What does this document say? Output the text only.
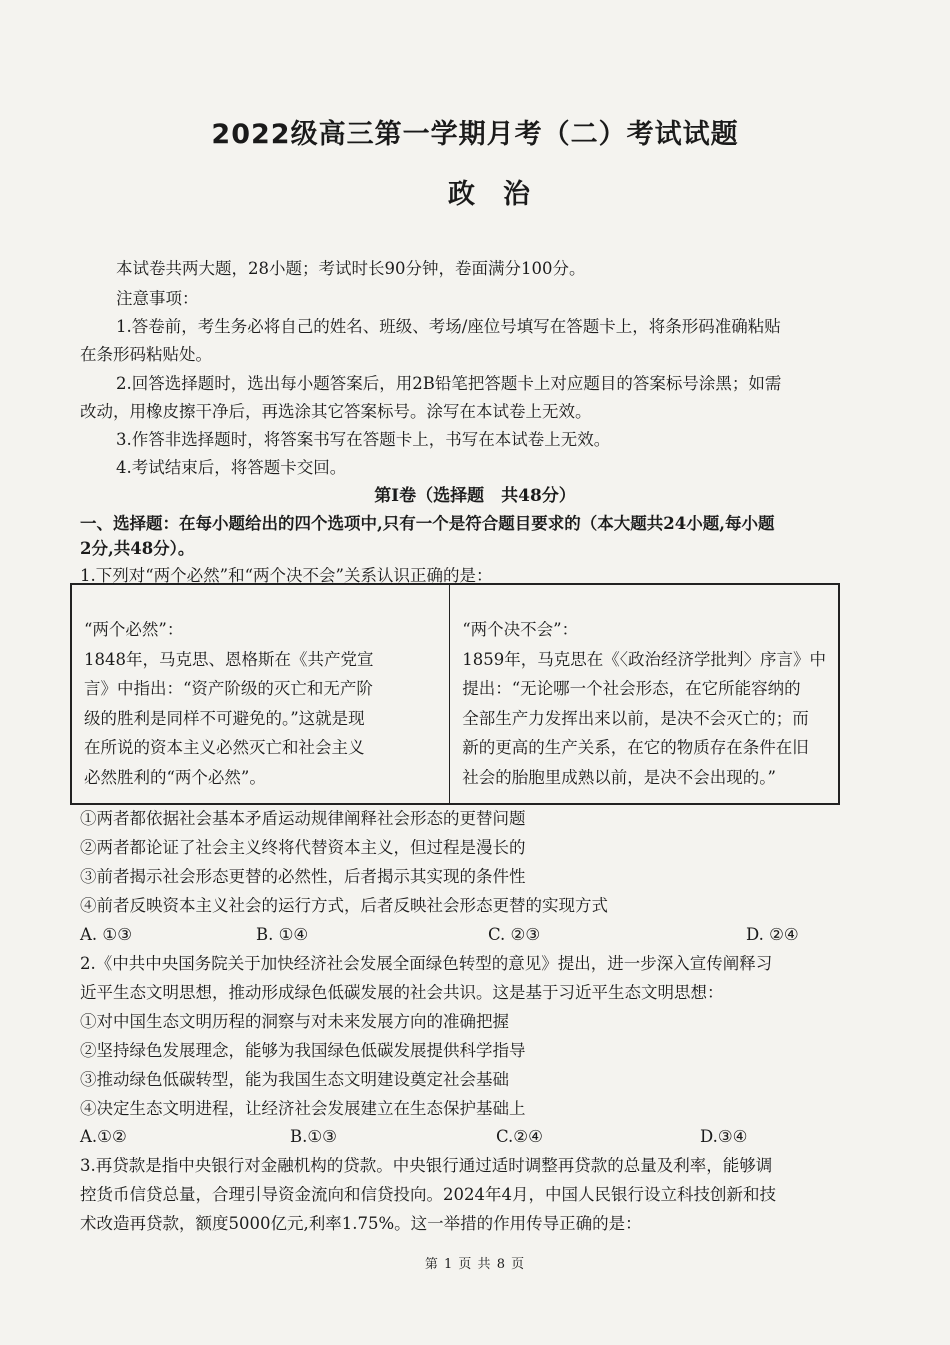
2022级高三第一学期月考（二）考试试题
政治
本试卷共两大题，28小题；考试时长90分钟，卷面满分100分。
注意事项：
1.答卷前，考生务必将自己的姓名、班级、考场/座位号填写在答题卡上，将条形码准确粘贴
在条形码粘贴处。
2.回答选择题时，选出每小题答案后，用2B铅笔把答题卡上对应题目的答案标号涂黑；如需
改动，用橡皮擦干净后，再选涂其它答案标号。涂写在本试卷上无效。
3.作答非选择题时，将答案书写在答题卡上，书写在本试卷上无效。
4.考试结束后，将答题卡交回。
第Ⅰ卷（选择题　共48分）
一、选择题：在每小题给出的四个选项中,只有一个是符合题目要求的（本大题共24小题,每小题
2分,共48分）。
1.下列对“两个必然”和“两个决不会”关系认识正确的是：

“两个必然”：

1848年，马克思、恩格斯在《共产党宣

言》中指出：“资产阶级的灭亡和无产阶

级的胜利是同样不可避免的。”这就是现

在所说的资本主义必然灭亡和社会主义

必然胜利的“两个必然”。

“两个决不会”：

1859年，马克思在《〈政治经济学批判〉序言》中

提出：“无论哪一个社会形态，在它所能容纳的

全部生产力发挥出来以前，是决不会灭亡的；而

新的更高的生产关系，在它的物质存在条件在旧

社会的胎胞里成熟以前，是决不会出现的。”

①两者都依据社会基本矛盾运动规律阐释社会形态的更替问题
②两者都论证了社会主义终将代替资本主义，但过程是漫长的
③前者揭示社会形态更替的必然性，后者揭示其实现的条件性
④前者反映资本主义社会的运行方式，后者反映社会形态更替的实现方式
A. ①③	B. ①④	C. ②③	D. ②④
2.《中共中央国务院关于加快经济社会发展全面绿色转型的意见》提出，进一步深入宣传阐释习
近平生态文明思想，推动形成绿色低碳发展的社会共识。这是基于习近平生态文明思想：
①对中国生态文明历程的洞察与对未来发展方向的准确把握
②坚持绿色发展理念，能够为我国绿色低碳发展提供科学指导
③推动绿色低碳转型，能为我国生态文明建设奠定社会基础
④决定生态文明进程，让经济社会发展建立在生态保护基础上
A.①②	B.①③	C.②④	D.③④
3.再贷款是指中央银行对金融机构的贷款。中央银行通过适时调整再贷款的总量及利率，能够调
控货币信贷总量，合理引导资金流向和信贷投向。2024年4月，中国人民银行设立科技创新和技
术改造再贷款，额度5000亿元,利率1.75%。这一举措的作用传导正确的是：
第 1 页 共 8 页
